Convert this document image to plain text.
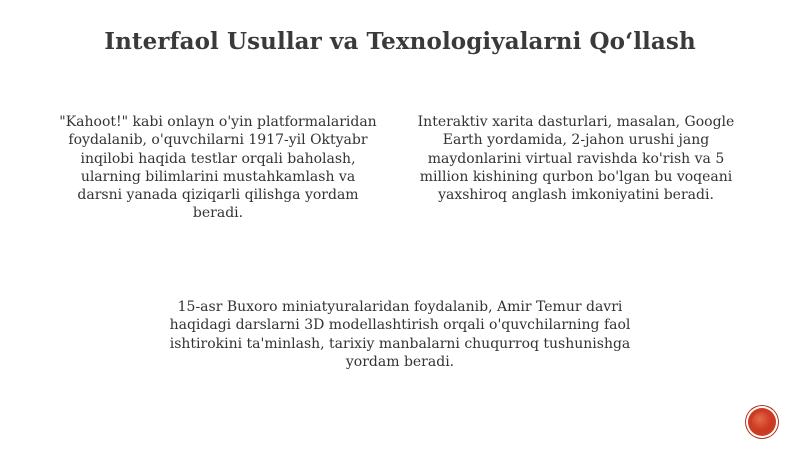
Interfaol Usullar va Texnologiyalarni Qo‘llash
"Kahoot!" kabi onlayn o'yin platformalaridan foydalanib, o'quvchilarni 1917-yil Oktyabr inqilobi haqida testlar orqali baholash, ularning bilimlarini mustahkamlash va darsni yanada qiziqarli qilishga yordam beradi.
Interaktiv xarita dasturlari, masalan, Google Earth yordamida, 2-jahon urushi jang maydonlarini virtual ravishda ko'rish va 5 million kishining qurbon bo'lgan bu voqeani yaxshiroq anglash imkoniyatini beradi.
15-asr Buxoro miniatyuralaridan foydalanib, Amir Temur davri haqidagi darslarni 3D modellashtirish orqali o'quvchilarning faol ishtirokini ta'minlash, tarixiy manbalarni chuqurroq tushunishga yordam beradi.
